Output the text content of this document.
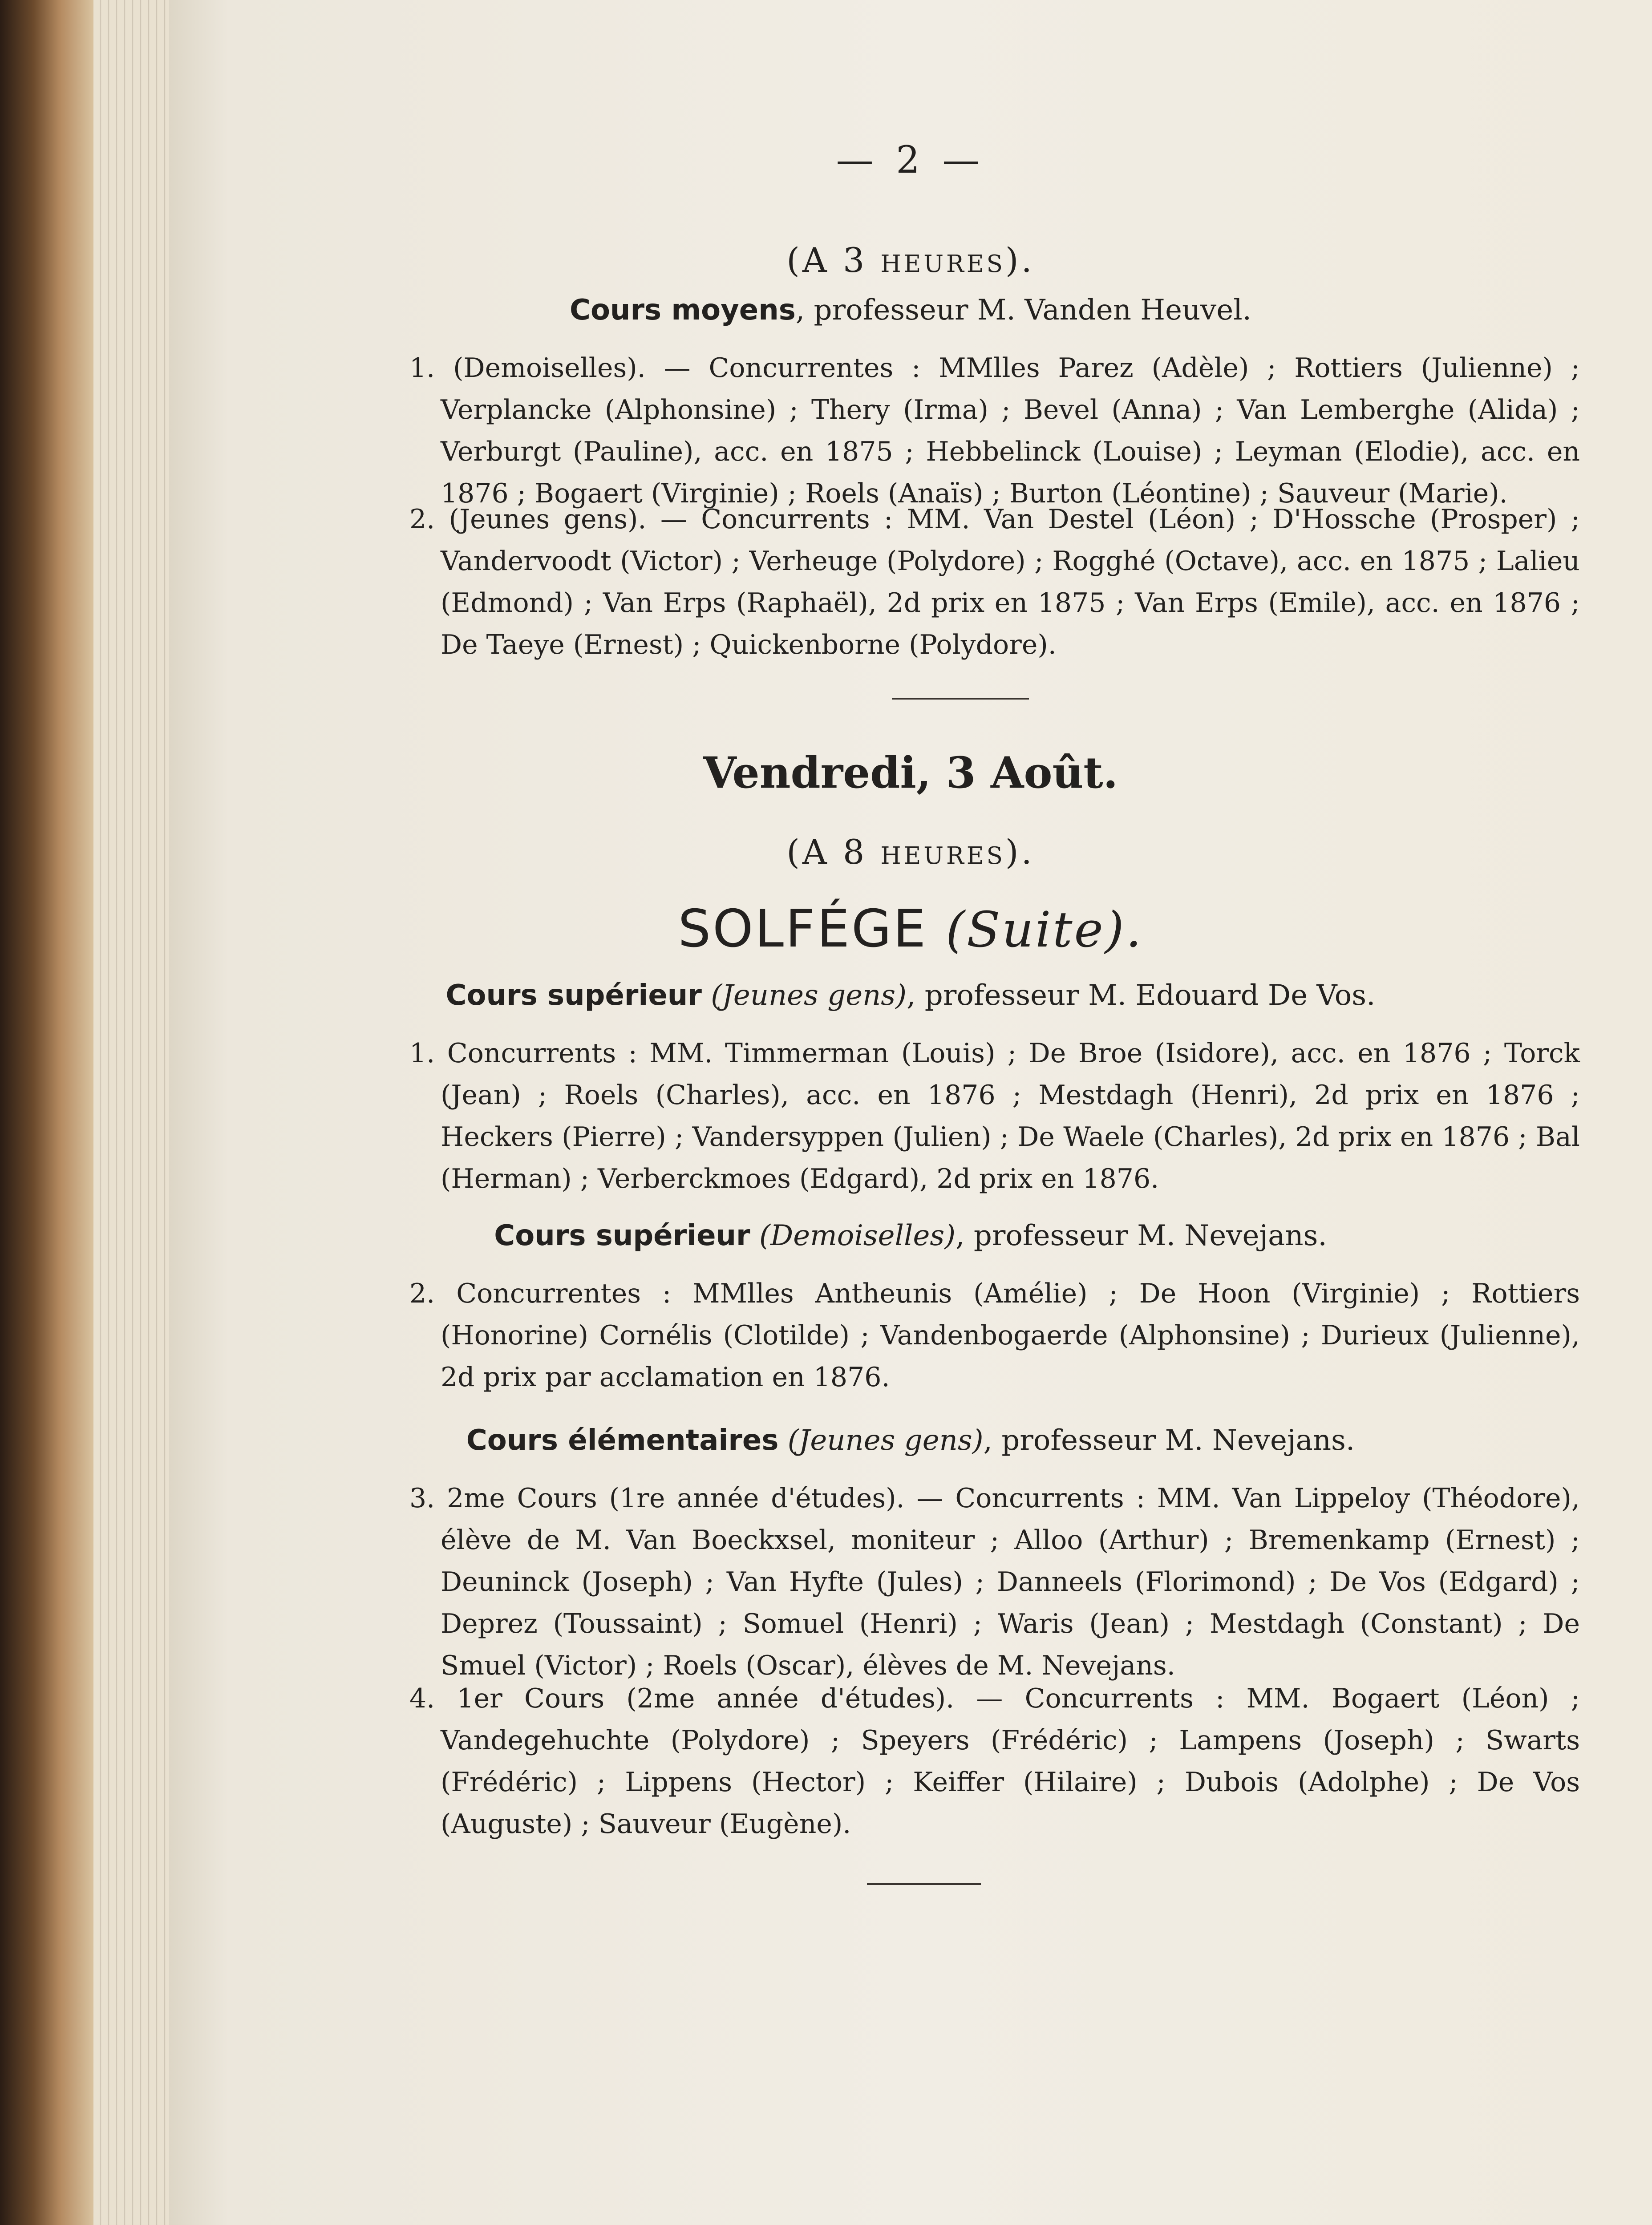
— 2 —
(A 3 heures).
Cours moyens, professeur M. Vanden Heuvel.
1. (Demoiselles). — Concurrentes : MMlles Parez (Adèle) ; Rottiers (Julienne) ; Verplancke (Alphonsine) ; Thery (Irma) ; Bevel (Anna) ; Van Lemberghe (Alida) ; Verburgt (Pauline), acc. en 1875 ; Hebbelinck (Louise) ; Leyman (Elodie), acc. en 1876 ; Bogaert (Virginie) ; Roels (Anaïs) ; Burton (Léontine) ; Sauveur (Marie).
2. (Jeunes gens). — Concurrents : MM. Van Destel (Léon) ; D'Hossche (Prosper) ; Vandervoodt (Victor) ; Verheuge (Polydore) ; Rogghé (Octave), acc. en 1875 ; Lalieu (Edmond) ; Van Erps (Raphaël), 2d prix en 1875 ; Van Erps (Emile), acc. en 1876 ; De Taeye (Ernest) ; Quickenborne (Polydore).
Vendredi, 3 Août.
(A 8 heures).
SOLFÉGE (Suite).
Cours supérieur (Jeunes gens), professeur M. Edouard De Vos.
1. Concurrents : MM. Timmerman (Louis) ; De Broe (Isidore), acc. en 1876 ; Torck (Jean) ; Roels (Charles), acc. en 1876 ; Mestdagh (Henri), 2d prix en 1876 ; Heckers (Pierre) ; Vandersyppen (Julien) ; De Waele (Charles), 2d prix en 1876 ; Bal (Herman) ; Verberckmoes (Edgard), 2d prix en 1876.
Cours supérieur (Demoiselles), professeur M. Nevejans.
2. Concurrentes : MMlles Antheunis (Amélie) ; De Hoon (Virginie) ; Rottiers (Honorine) Cornélis (Clotilde) ; Vandenbogaerde (Alphonsine) ; Durieux (Julienne), 2d prix par acclamation en 1876.
Cours élémentaires (Jeunes gens), professeur M. Nevejans.
3. 2me Cours (1re année d'études). — Concurrents : MM. Van Lippeloy (Théodore), élève de M. Van Boeckxsel, moniteur ; Alloo (Arthur) ; Bremenkamp (Ernest) ; Deuninck (Joseph) ; Van Hyfte (Jules) ; Danneels (Florimond) ; De Vos (Edgard) ; Deprez (Toussaint) ; Somuel (Henri) ; Waris (Jean) ; Mestdagh (Constant) ; De Smuel (Victor) ; Roels (Oscar), élèves de M. Nevejans.
4. 1er Cours (2me année d'études). — Concurrents : MM. Bogaert (Léon) ; Vandegehuchte (Polydore) ; Speyers (Frédéric) ; Lampens (Joseph) ; Swarts (Frédéric) ; Lippens (Hector) ; Keiffer (Hilaire) ; Dubois (Adolphe) ; De Vos (Auguste) ; Sauveur (Eugène).
